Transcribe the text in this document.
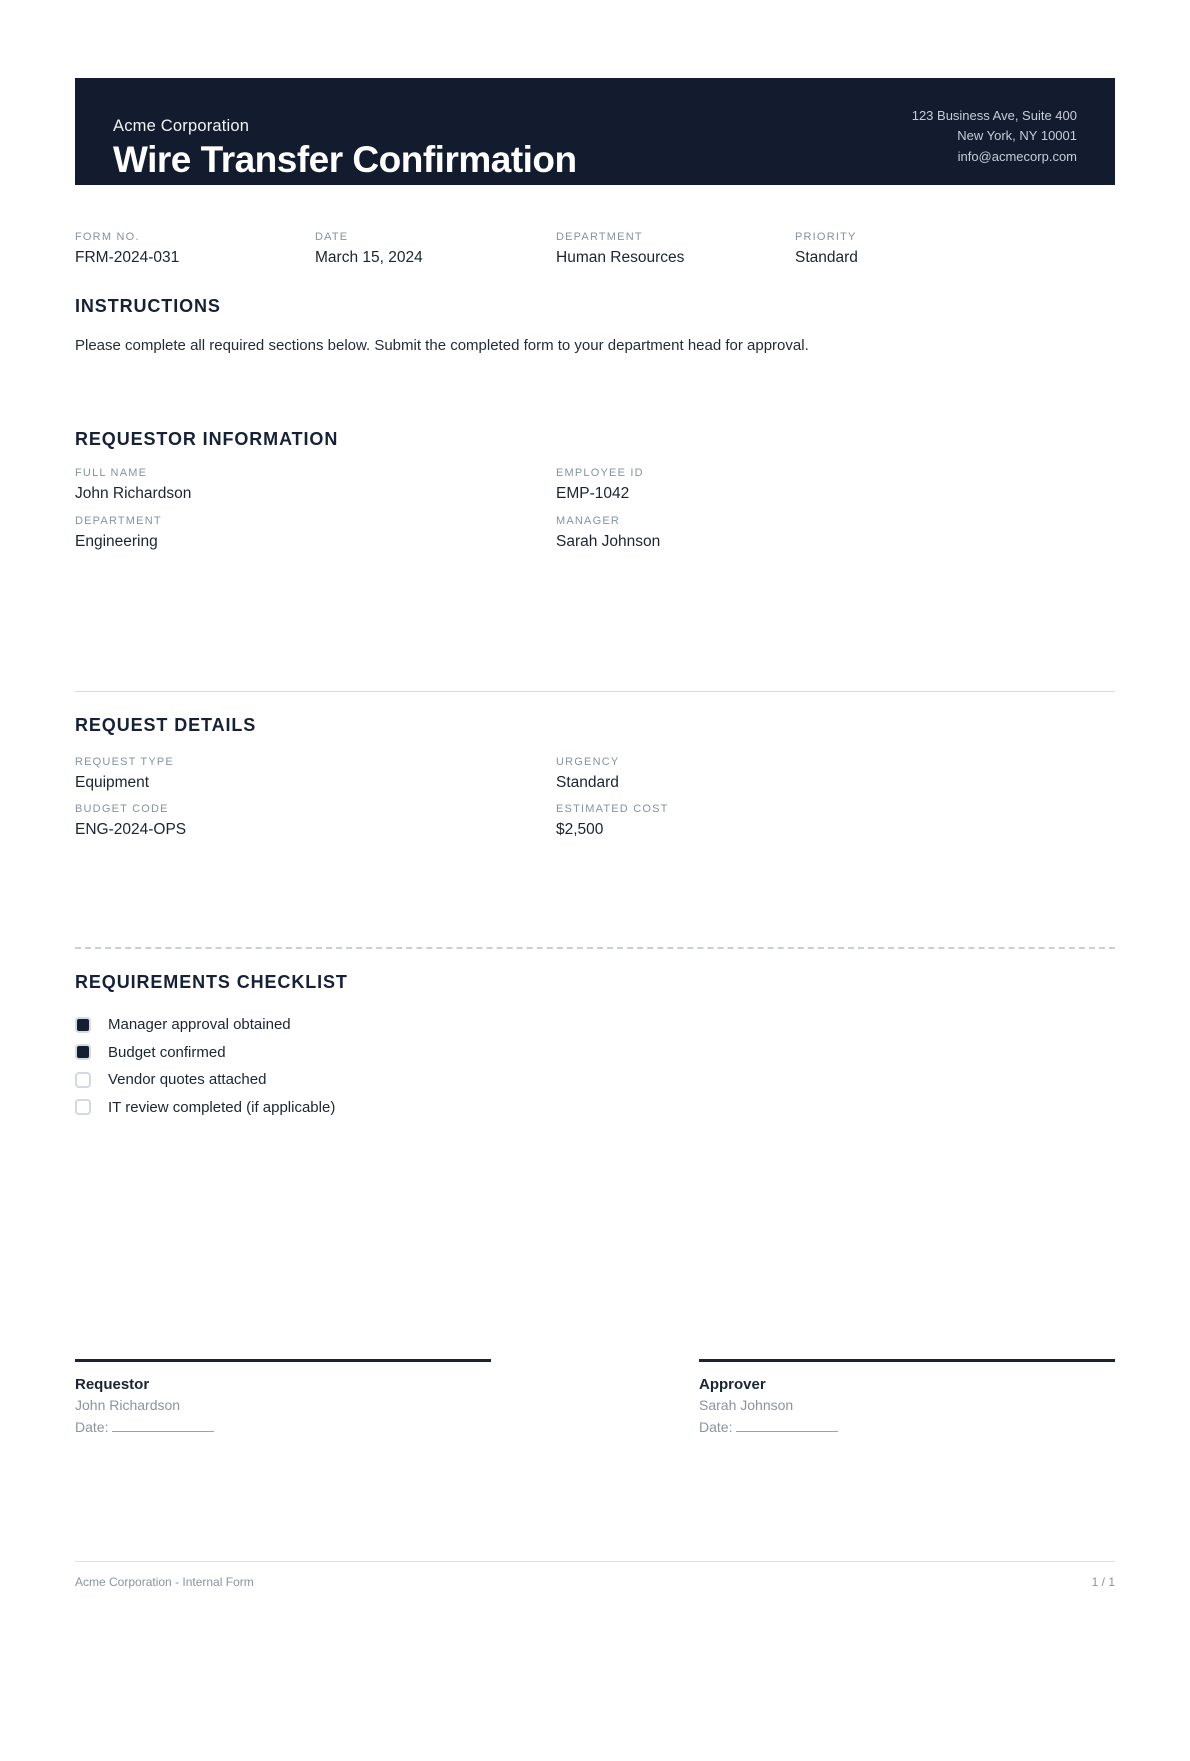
Acme Corporation
Wire Transfer Confirmation
123 Business Ave, Suite 400
New York, NY 10001
info@acmecorp.com
FORM NO.
FRM-2024-031
DATE
March 15, 2024
DEPARTMENT
Human Resources
PRIORITY
Standard
INSTRUCTIONS
Please complete all required sections below. Submit the completed form to your department head for approval.
REQUESTOR INFORMATION
FULL NAME
John Richardson
EMPLOYEE ID
EMP-1042
DEPARTMENT
Engineering
MANAGER
Sarah Johnson
REQUEST DETAILS
REQUEST TYPE
Equipment
URGENCY
Standard
BUDGET CODE
ENG-2024-OPS
ESTIMATED COST
$2,500
REQUIREMENTS CHECKLIST
Manager approval obtained
Budget confirmed
Vendor quotes attached
IT review completed (if applicable)
Requestor
John Richardson
Date:
Approver
Sarah Johnson
Date:
Acme Corporation - Internal Form	1 / 1
